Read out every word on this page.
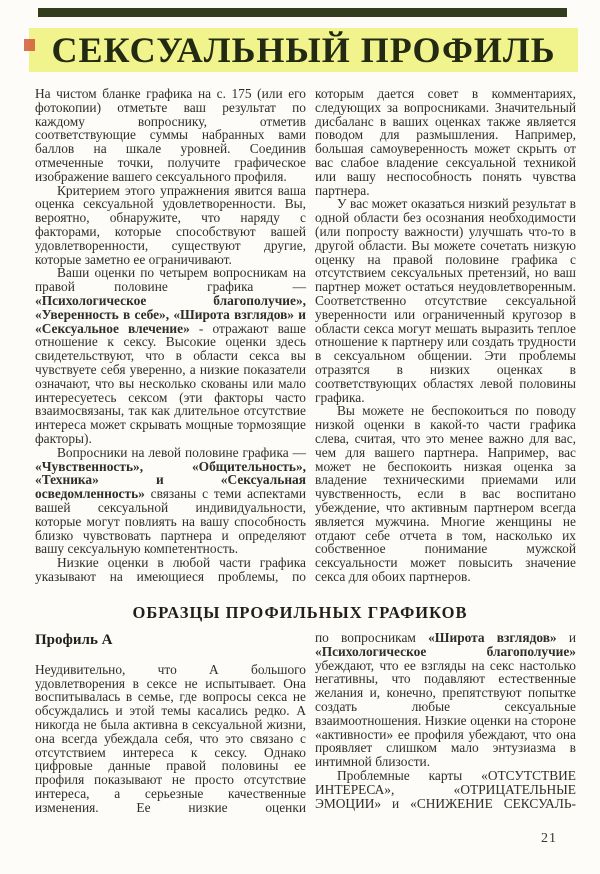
СЕКСУАЛЬНЫЙ ПРОФИЛЬ

На чистом бланке графика на с. 175 (или его фотокопии) отметьте ваш результат по каждому вопроснику, отметив соответствующие суммы набранных вами баллов на шкале уровней. Соединив отмеченные точки, получите графическое изображение вашего сексуального профиля.

Критерием этого упражнения явится ваша оценка сексуальной удовлетворенности. Вы, вероятно, обнаружите, что наряду с факторами, которые способствуют вашей удовлетворенности, существуют другие, которые заметно ее ограничивают.

Ваши оценки по четырем вопросникам на правой половине графика — «Психологическое благополучие», «Уверенность в себе», «Широта взглядов» и «Сексуальное влечение» - отражают ваше отношение к сексу. Высокие оценки здесь свидетельствуют, что в области секса вы чувствуете себя уверенно, а низкие показатели означают, что вы несколько скованы или мало интересуетесь сексом (эти факторы часто взаимосвязаны, так как длительное отсутствие интереса может скрывать мощные тормозящие факторы).

Вопросники на левой половине графика — «Чувственность», «Общительность», «Техника» и «Сексуальная осведомленность» связаны с теми аспектами вашей сексуальной индивидуальности, которые могут повлиять на вашу способность близко чувствовать партнера и определяют вашу сексуальную компетентность.

Низкие оценки в любой части графика указывают на имеющиеся проблемы, по

которым дается совет в комментариях, следующих за вопросниками. Значительный дисбаланс в ваших оценках также является поводом для размышления. Например, большая самоуверенность может скрыть от вас слабое владение сексуальной техникой или вашу неспособность понять чувства партнера.

У вас может оказаться низкий результат в одной области без осознания необходимости (или попросту важности) улучшать что-то в другой области. Вы можете сочетать низкую оценку на правой половине графика с отсутствием сексуальных претензий, но ваш партнер может остаться неудовлетворенным. Соответственно отсутствие сексуальной уверенности или ограниченный кругозор в области секса могут мешать выразить теплое отношение к партнеру или создать трудности в сексуальном общении. Эти проблемы отразятся в низких оценках в соответствующих областях левой половины графика.

Вы можете не беспокоиться по поводу низкой оценки в какой-то части графика слева, считая, что это менее важно для вас, чем для вашего партнера. Например, вас может не беспокоить низкая оценка за владение техническими приемами или чувственность, если в вас воспитано убеждение, что активным партнером всегда является мужчина. Многие женщины не отдают себе отчета в том, насколько их собственное понимание мужской сексуальности может повысить значение секса для обоих партнеров.

ОБРАЗЦЫ ПРОФИЛЬНЫХ ГРАФИКОВ
Профиль А

Неудивительно, что А большого удовлетворения в сексе не испытывает. Она воспитывалась в семье, где вопросы секса не обсуждались и этой темы касались редко. А никогда не была активна в сексуальной жизни, она всегда убеждала себя, что это связано с отсутствием интереса к сексу. Однако цифровые данные правой половины ее профиля показывают не просто отсутствие интереса, а серьезные качественные изменения. Ее низкие оценки

по вопросникам «Широта взглядов» и «Психологическое благополучие» убеждают, что ее взгляды на секс настолько негативны, что подавляют естественные желания и, конечно, препятствуют попытке создать любые сексуальные взаимоотношения. Низкие оценки на стороне «активности» ее профиля убеждают, что она проявляет слишком мало энтузиазма в интимной близости.

Проблемные карты «ОТСУТСТВИЕ ИНТЕРЕСА», «ОТРИЦАТЕЛЬНЫЕ ЭМОЦИИ» и «СНИЖЕНИЕ СЕКСУАЛЬ-

21
